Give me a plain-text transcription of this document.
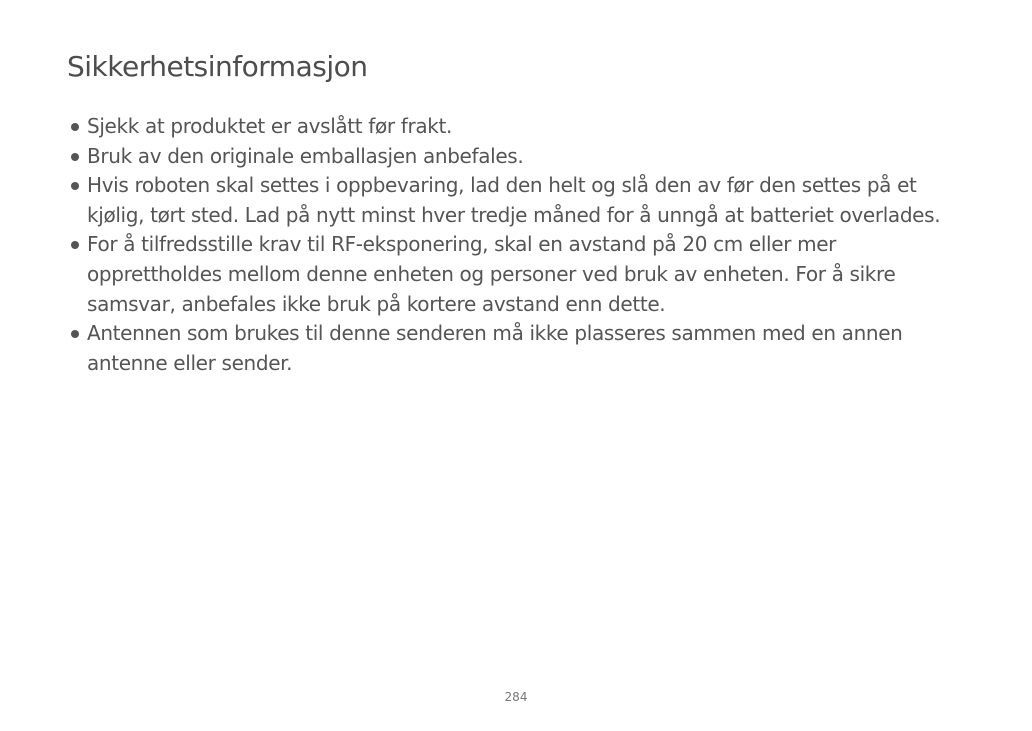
Sikkerhetsinformasjon
Sjekk at produktet er avslått før frakt.
Bruk av den originale emballasjen anbefales.
Hvis roboten skal settes i oppbevaring, lad den helt og slå den av før den settes på et kjølig, tørt sted. Lad på nytt minst hver tredje måned for å unngå at batteriet overlades.
For å tilfredsstille krav til RF-eksponering, skal en avstand på 20 cm eller mer opprettholdes mellom denne enheten og personer ved bruk av enheten. For å sikre samsvar, anbefales ikke bruk på kortere avstand enn dette.
Antennen som brukes til denne senderen må ikke plasseres sammen med en annen antenne eller sender.
284
